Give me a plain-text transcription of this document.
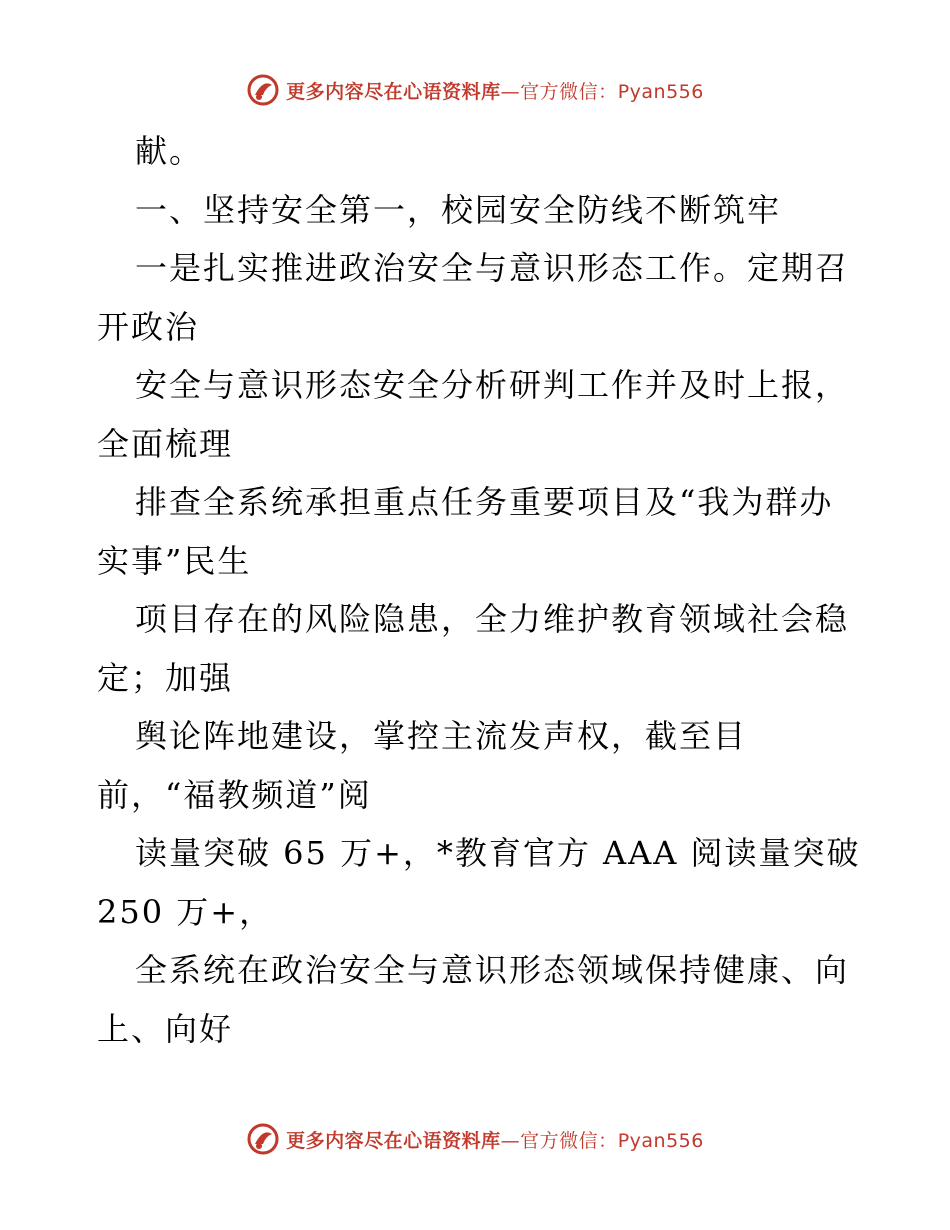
更多内容尽在心语资料库—官方微信：Pyan556
献。
一、坚持安全第一，校园安全防线不断筑牢
一是扎实推进政治安全与意识形态工作。定期召
开政治
安全与意识形态安全分析研判工作并及时上报，
全面梳理
排查全系统承担重点任务重要项目及“我为群办
实事”民生
项目存在的风险隐患，全力维护教育领域社会稳
定；加强
舆论阵地建设，掌控主流发声权，截至目
前，“福教频道”阅
读量突破 65 万+，*教育官方 AAA 阅读量突破
250 万+，
全系统在政治安全与意识形态领域保持健康、向
上、向好
更多内容尽在心语资料库—官方微信：Pyan556
